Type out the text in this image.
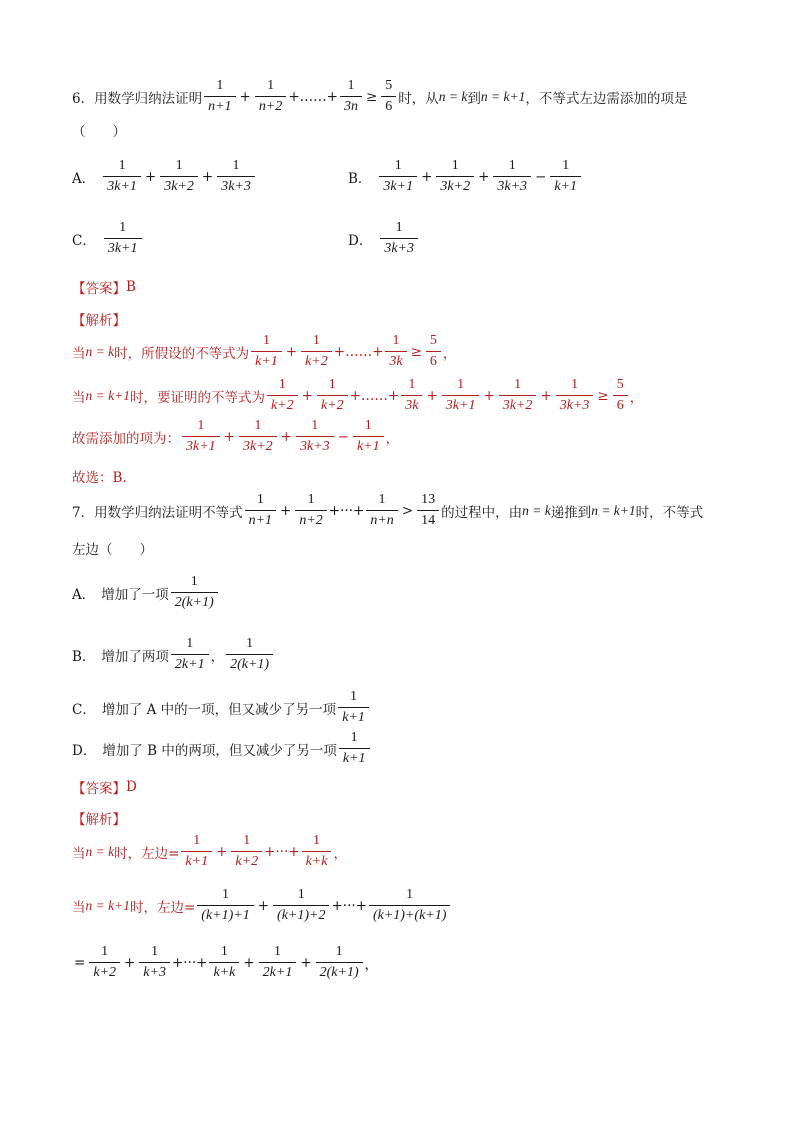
6．用数学归纳法证明
1
n+1
+ $\frac{1}{n+2}$ +……+ $\frac{1}{3n} \ge \frac{5}{6}$ 时，从 n = k 到 n = k+1 ，不等式左边需添加的项是
（　　）
A．
1
3k+1
+ $\frac{1}{3k+2} + \frac{1}{3k+3}$	B．
1
3k+1
+ $\frac{1}{3k+2} + \frac{1}{3k+3} - \frac{1}{k+1}$
C．
1
3k+1	D．
1
3k+3
【答案】 B
【解析】
当 n = k 时，所假设的不等式为
1
k+1
+ $\frac{1}{k+2}$ +……+ $\frac{1}{3k} \ge \frac{5}{6}$ ，
当 n = k+1 时，要证明的不等式为
1
k+2
+ $\frac{1}{k+2}$ +……+ $\frac{1}{3k} + \frac{1}{3k+1} + \frac{1}{3k+2} + \frac{1}{3k+3} \ge \frac{5}{6}$ ，
故需添加的项为：
1
3k+1
+ $\frac{1}{3k+2} + \frac{1}{3k+3} - \frac{1}{k+1}$ ，
故选：B.
7．用数学归纳法证明不等式
1
n+1
+ $\frac{1}{n+2}$ +···+ $\frac{1}{n+n}$ >
13
14 的过程中，由 n = k 递推到 n = k+1 时，不等式
左边（　　）
A． 增加了一项
1
2(k+1)
B． 增加了两项
1
2k+1 ，
1
2(k+1)
C． 增加了 A 中的一项，但又减少了另一项
1
k+1
D． 增加了 B 中的两项，但又减少了另一项
1
k+1
【答案】 D
【解析】
当 n = k 时，左边= $\frac{1}{k+1} + \frac{1}{k+2}$ +···+ $\frac{1}{k+k}$ ，
当 n = k+1 时，左边= $\frac{1}{(k+1)+1} + \frac{1}{(k+1)+2}$ +···+ $\frac{1}{(k+1)+(k+1)}$
= $\frac{1}{k+2} + \frac{1}{k+3}$ +···+ $\frac{1}{k+k} + \frac{1}{2k+1} + \frac{1}{2(k+1)}$ ，
